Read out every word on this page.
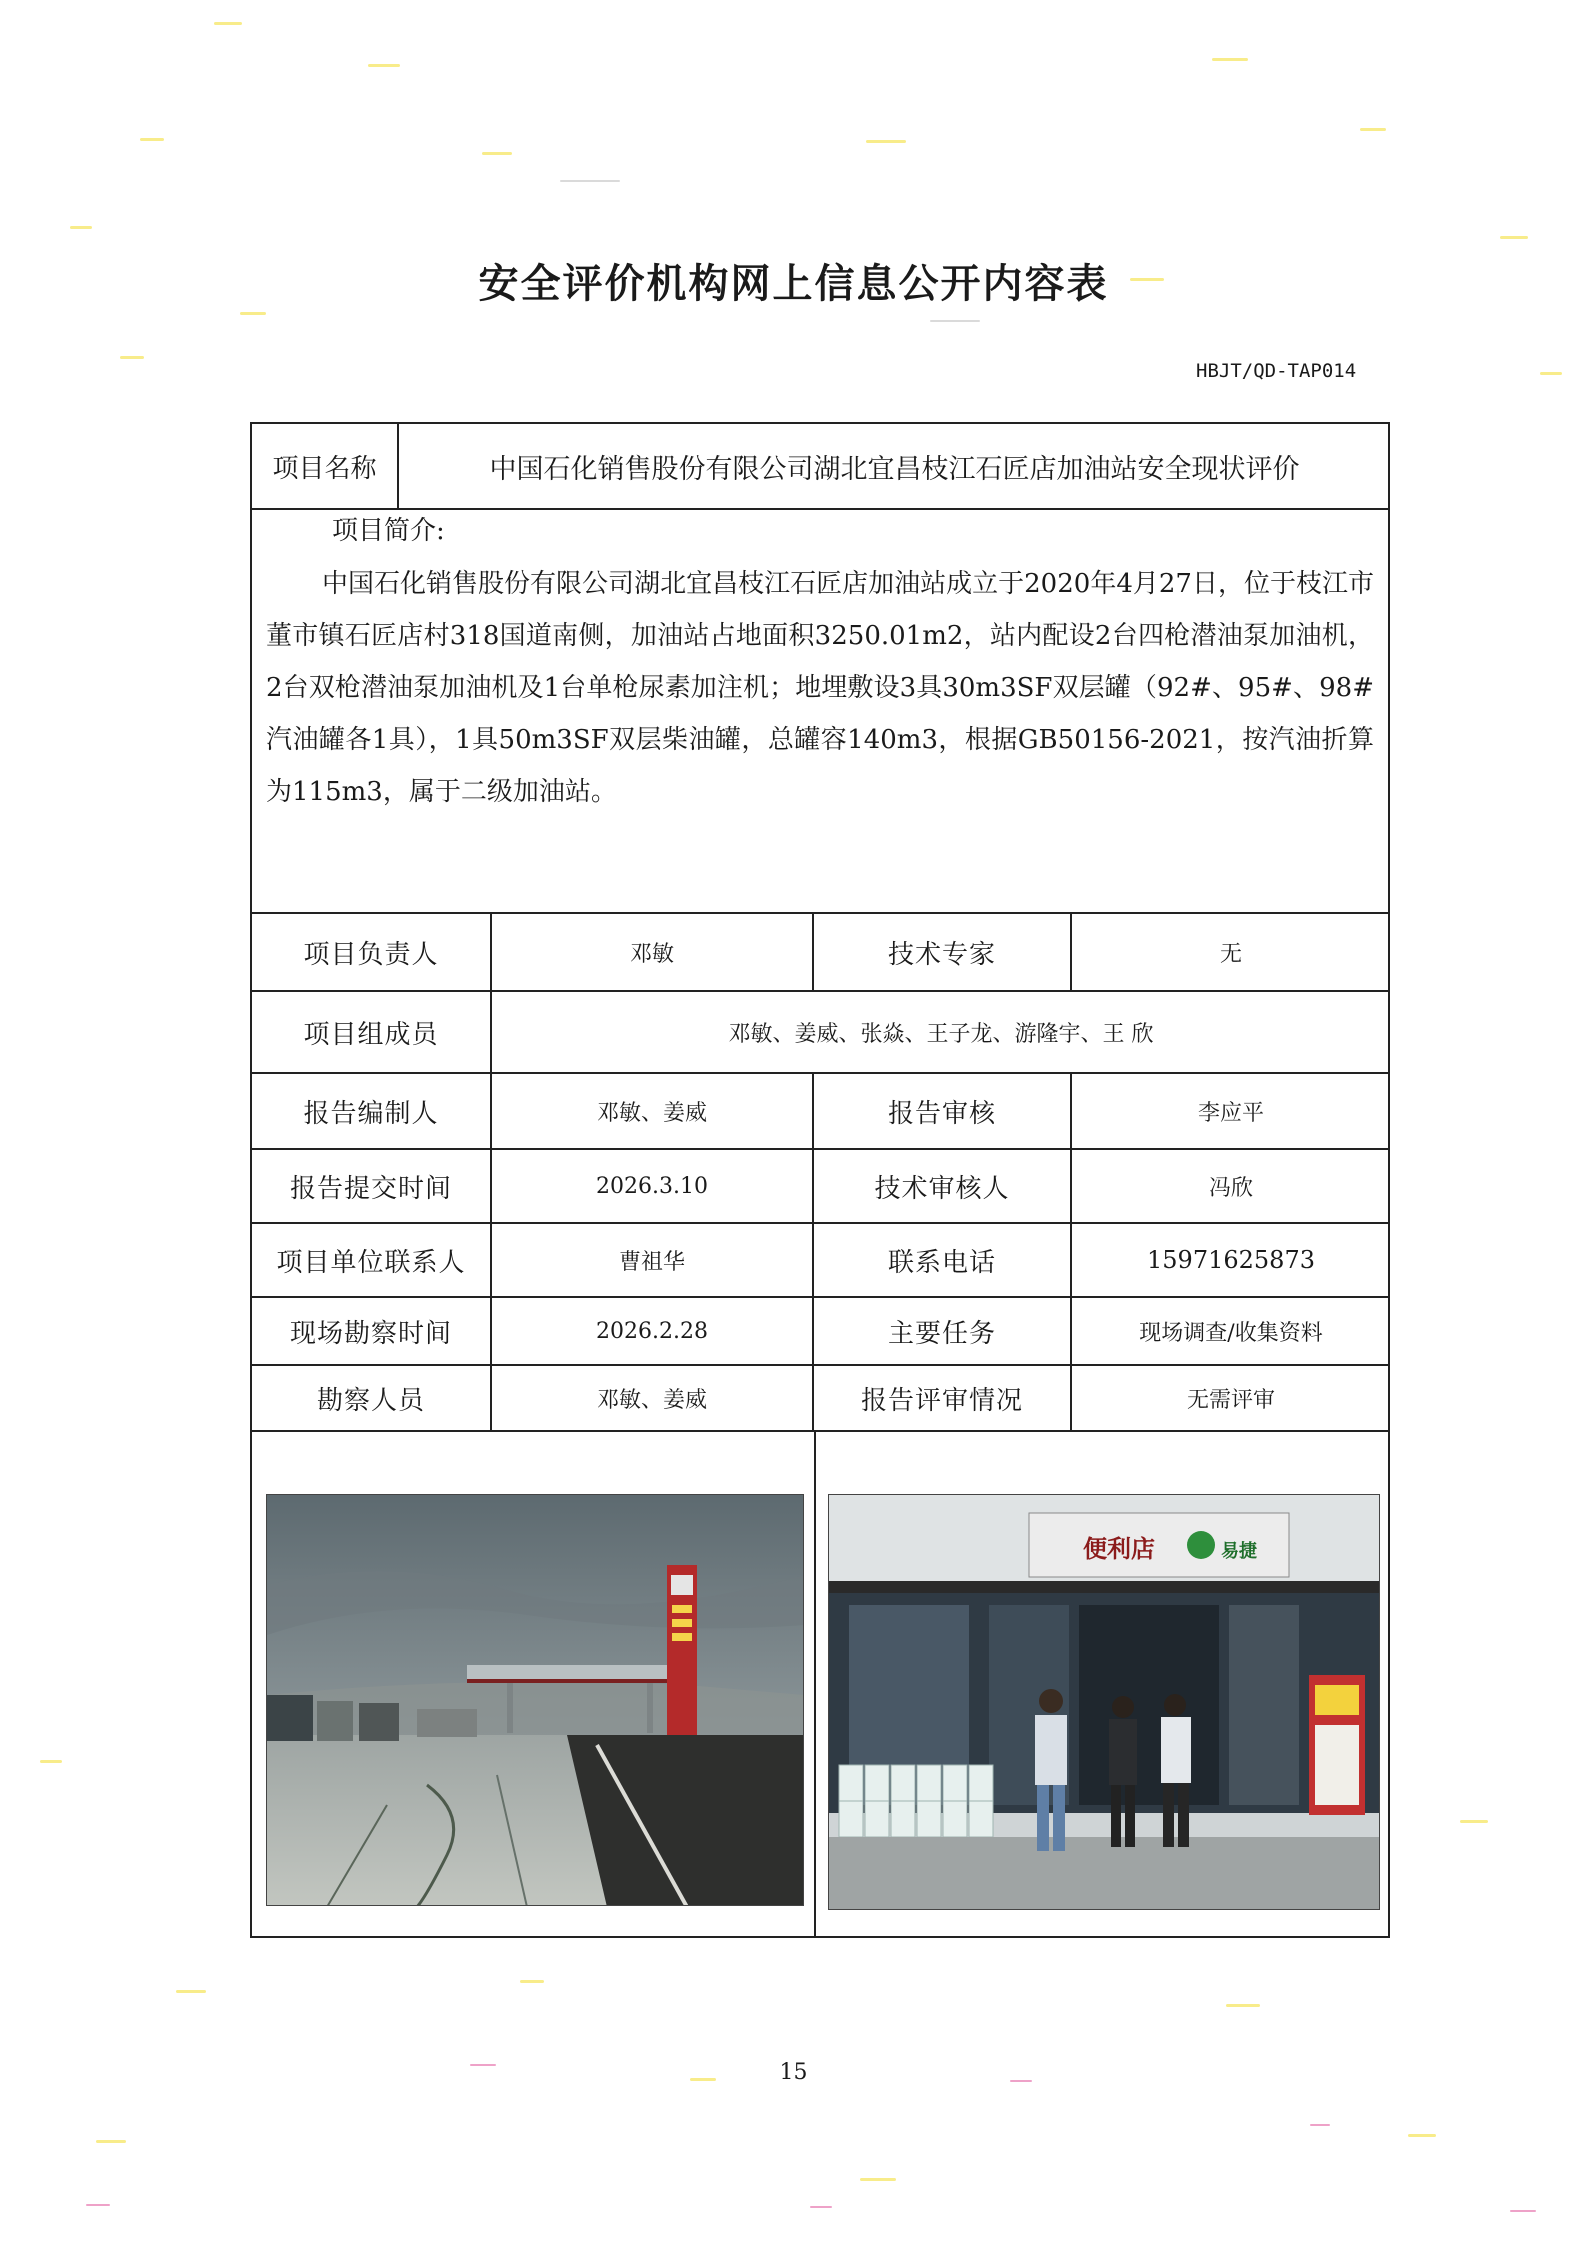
安全评价机构网上信息公开内容表
HBJT/QD-TAP014
项目名称	中国石化销售股份有限公司湖北宜昌枝江石匠店加油站安全现状评价
项目简介:
中国石化销售股份有限公司湖北宜昌枝江石匠店加油站成立于2020年4月27日，位于枝江市董市镇石匠店村318国道南侧，加油站占地面积3250.01m2，站内配设2台四枪潜油泵加油机，2台双枪潜油泵加油机及1台单枪尿素加注机；地埋敷设3具30m3SF双层罐（92#、95#、98#汽油罐各1具），1具50m3SF双层柴油罐，总罐容140m3，根据GB50156-2021，按汽油折算为115m3，属于二级加油站。
项目负责人	邓敏	技术专家	无
项目组成员	邓敏、姜威、张焱、王子龙、游隆宇、王 欣
报告编制人	邓敏、姜威	报告审核	李应平
报告提交时间	2026.3.10	技术审核人	冯欣
项目单位联系人	曹祖华	联系电话	15971625873
现场勘察时间	2026.2.28	主要任务	现场调查/收集资料
勘察人员	邓敏、姜威	报告评审情况	无需评审
便利店	易捷
15
